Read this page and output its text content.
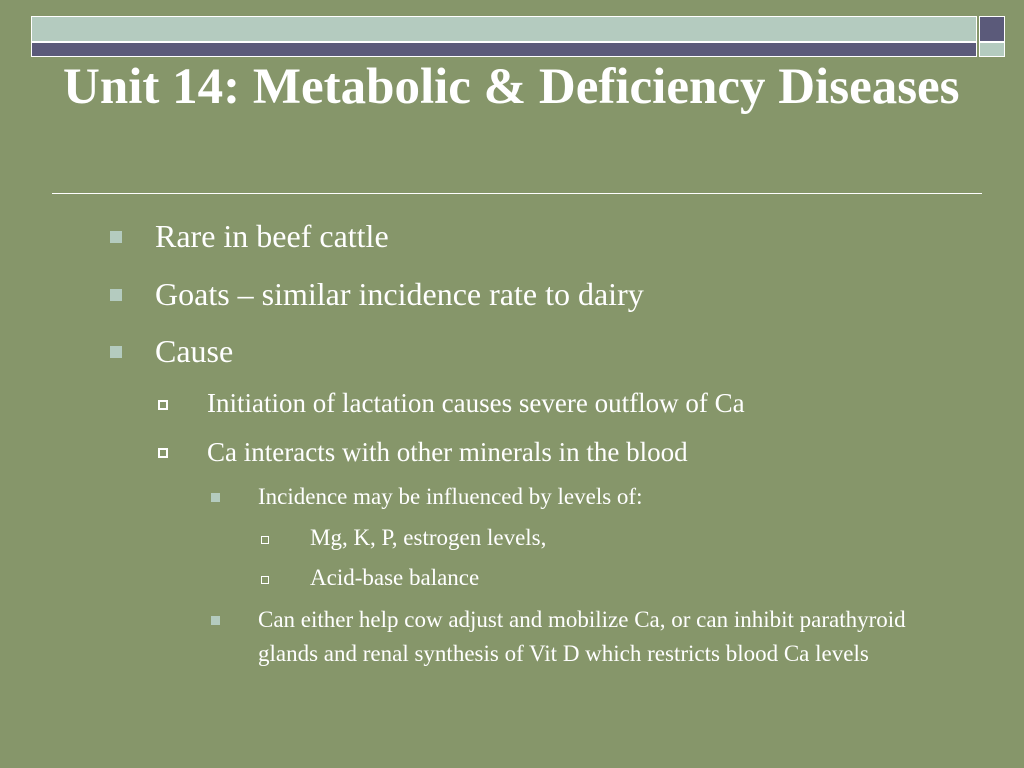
Unit 14: Metabolic & Deficiency Diseases
Rare in beef cattle
Goats – similar incidence rate to dairy
Cause
Initiation of lactation causes severe outflow of Ca
Ca interacts with other minerals in the blood
Incidence may be influenced by levels of:
Mg, K, P, estrogen levels,
Acid-base balance
Can either help cow adjust and mobilize Ca, or can inhibit parathyroid glands and renal synthesis of Vit D which restricts blood Ca levels
